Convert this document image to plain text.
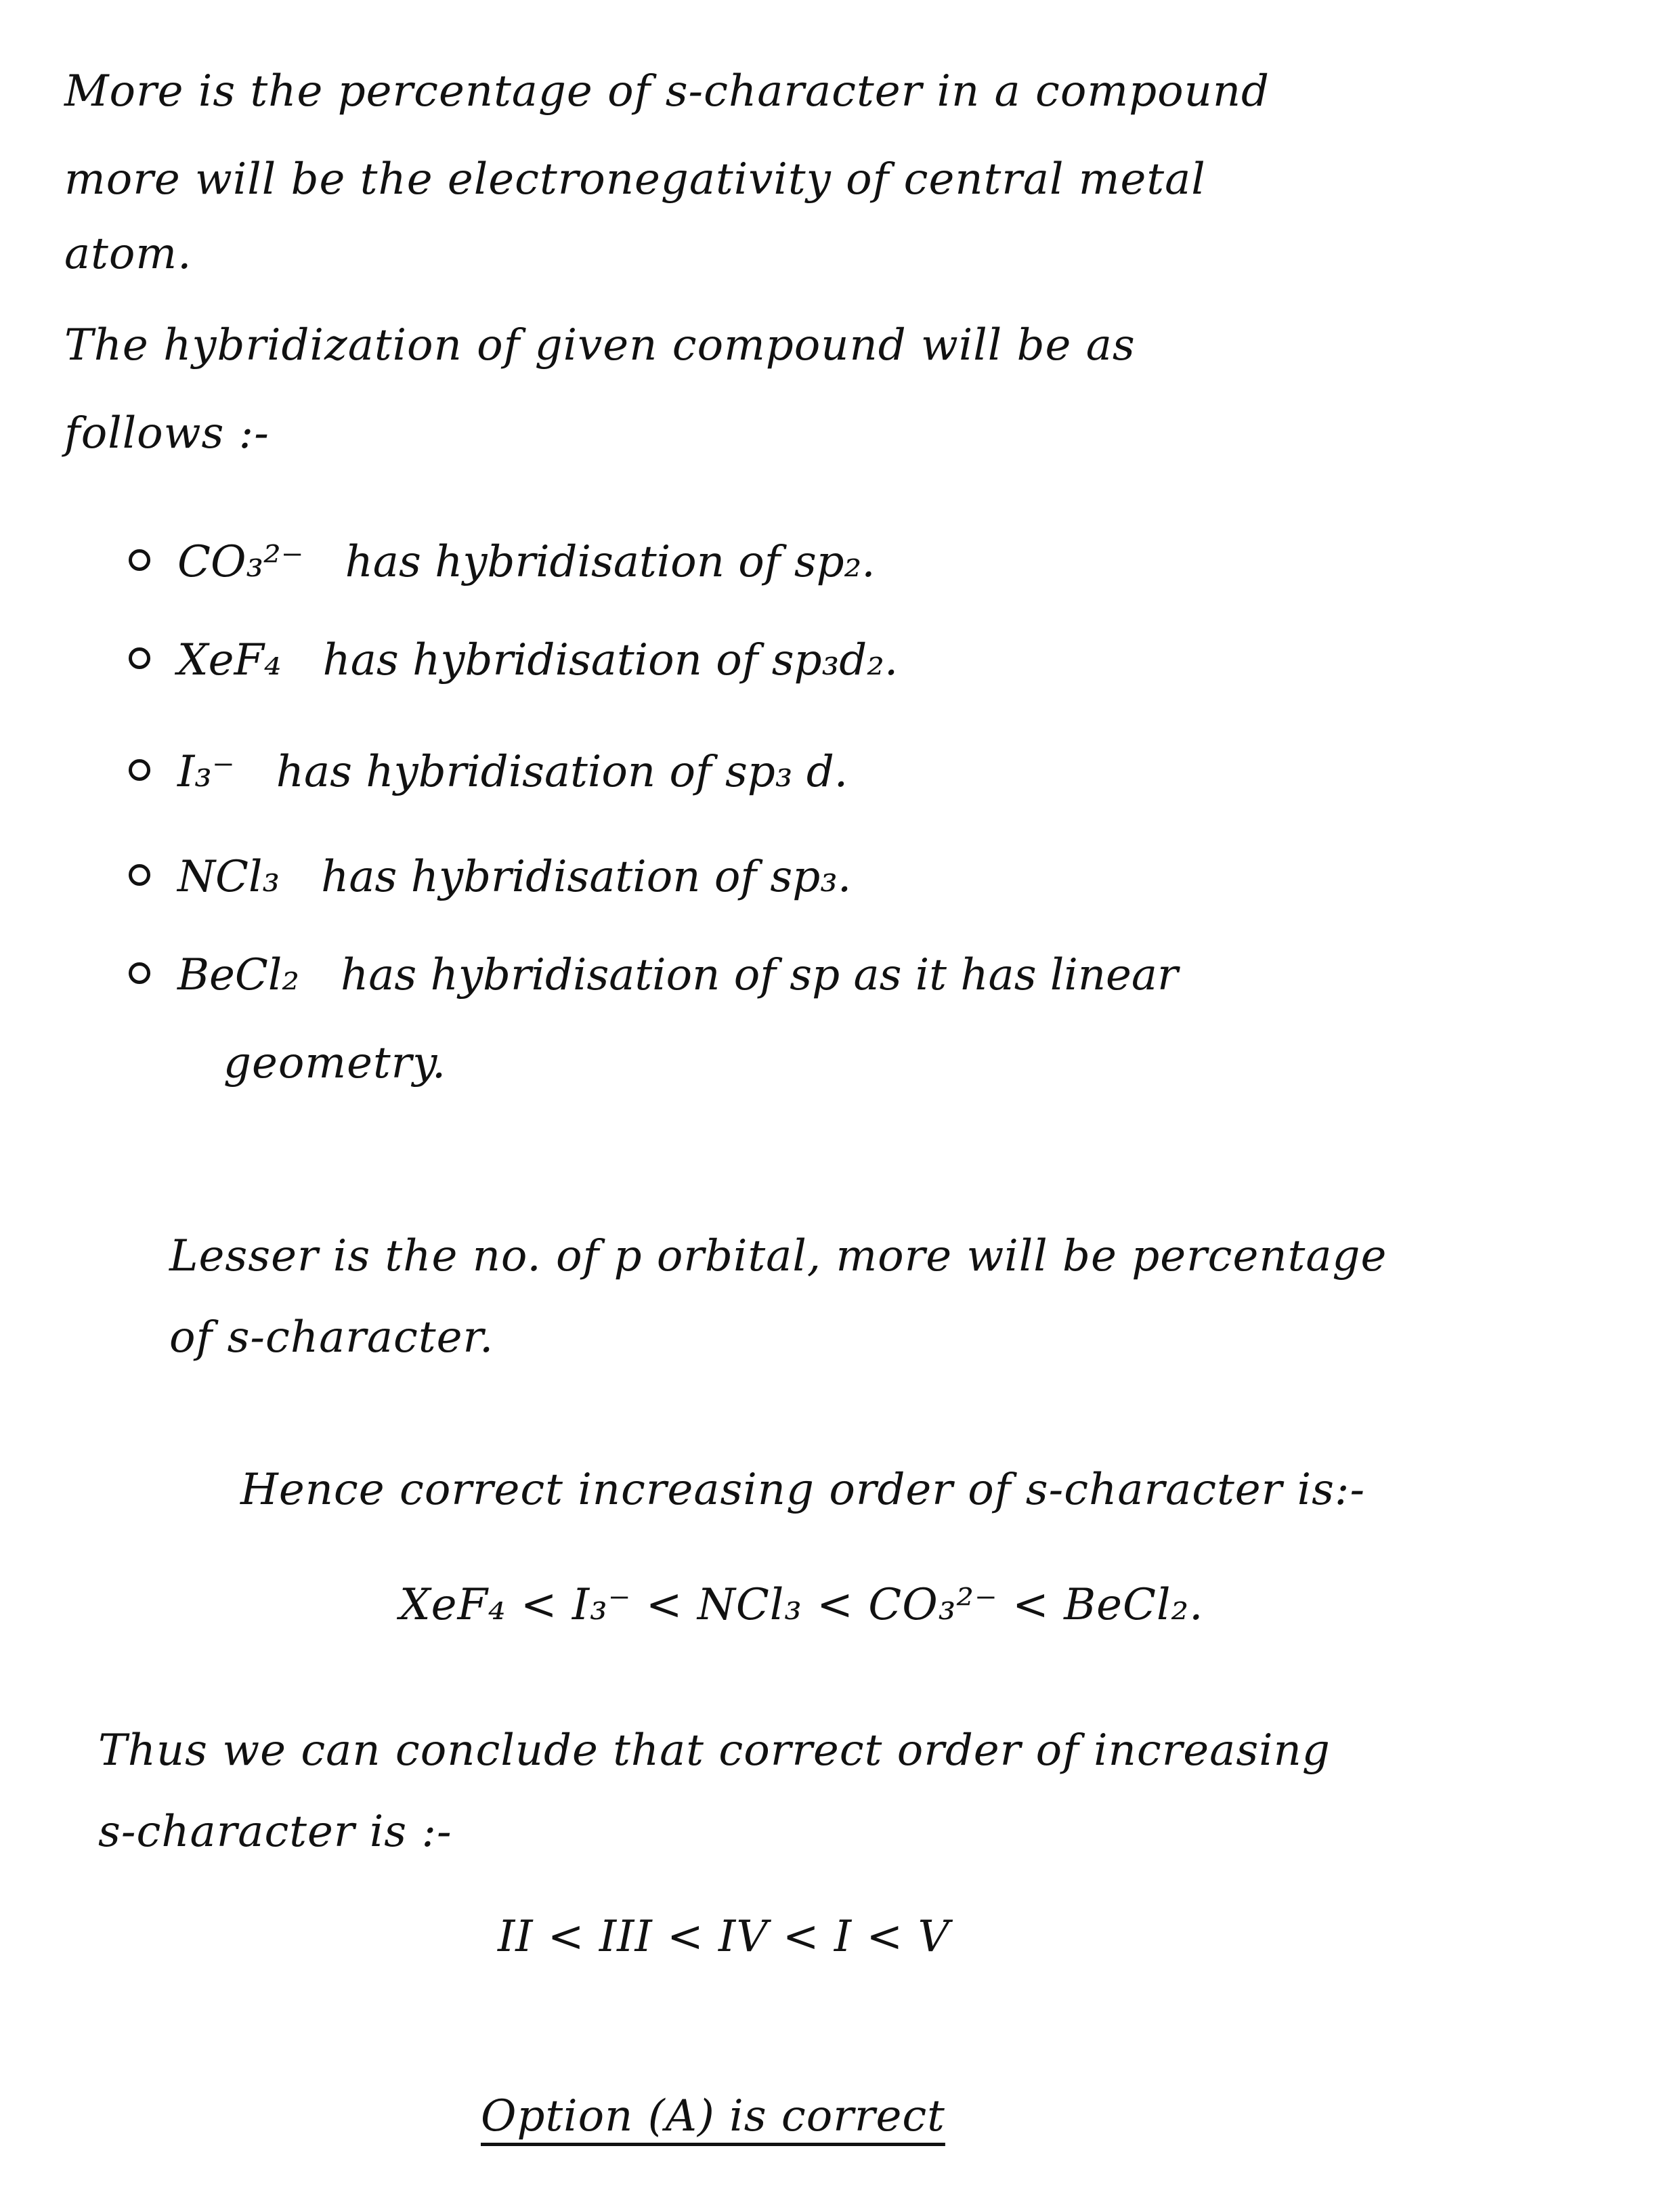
More is the percentage of s-character in a compound
more will be the electronegativity of central metal
atom.
The hybridization of given compound will be as
follows :-
CO₃²⁻ has hybridisation of sp₂.
XeF₄ has hybridisation of sp₃d₂.
I₃⁻ has hybridisation of sp₃ d.
NCl₃ has hybridisation of sp₃.
BeCl₂ has hybridisation of sp as it has linear
geometry.
Lesser is the no. of p orbital, more will be percentage
of s-character.
Hence correct increasing order of s-character is:-
XeF₄ < I₃⁻ < NCl₃ < CO₃²⁻ < BeCl₂.
Thus we can conclude that correct order of increasing
s-character is :-
II < III < IV < I < V
Option (A) is correct
